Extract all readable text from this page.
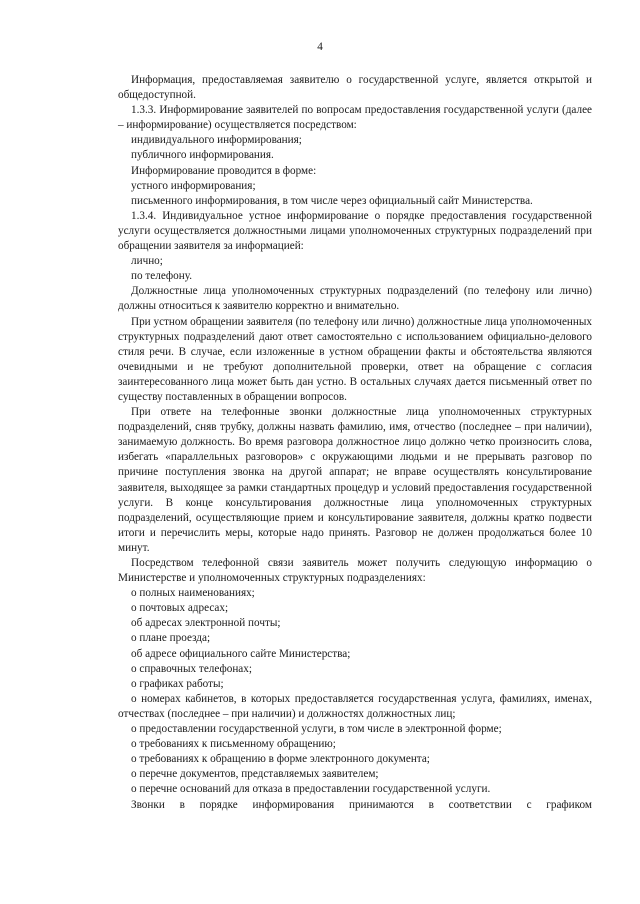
4

Информация, предоставляемая заявителю о государственной услуге, является открытой и общедоступной.

1.3.3. Информирование заявителей по вопросам предоставления государственной услуги (далее – информирование) осуществляется посредством:

индивидуального информирования;

публичного информирования.

Информирование проводится в форме:

устного информирования;

письменного информирования, в том числе через официальный сайт Министерства.

1.3.4. Индивидуальное устное информирование о порядке предоставления государственной услуги осуществляется должностными лицами уполномоченных структурных подразделений при обращении заявителя за информацией:

лично;

по телефону.

Должностные лица уполномоченных структурных подразделений (по телефону или лично) должны относиться к заявителю корректно и внимательно.

При устном обращении заявителя (по телефону или лично) должностные лица уполномоченных структурных подразделений дают ответ самостоятельно с использованием официально-делового стиля речи. В случае, если изложенные в устном обращении факты и обстоятельства являются очевидными и не требуют дополнительной проверки, ответ на обращение с согласия заинтересованного лица может быть дан устно. В остальных случаях дается письменный ответ по существу поставленных в обращении вопросов.

При ответе на телефонные звонки должностные лица уполномоченных структурных подразделений, сняв трубку, должны назвать фамилию, имя, отчество (последнее – при наличии), занимаемую должность. Во время разговора должностное лицо должно четко произносить слова, избегать «параллельных разговоров» с окружающими людьми и не прерывать разговор по причине поступления звонка на другой аппарат; не вправе осуществлять консультирование заявителя, выходящее за рамки стандартных процедур и условий предоставления государственной услуги. В конце консультирования должностные лица уполномоченных структурных подразделений, осуществляющие прием и консультирование заявителя, должны кратко подвести итоги и перечислить меры, которые надо принять. Разговор не должен продолжаться более 10 минут.

Посредством телефонной связи заявитель может получить следующую информацию о Министерстве и уполномоченных структурных подразделениях:

о полных наименованиях;

о почтовых адресах;

об адресах электронной почты;

о плане проезда;

об адресе официального сайте Министерства;

о справочных телефонах;

о графиках работы;

о номерах кабинетов, в которых предоставляется государственная услуга, фамилиях, именах, отчествах (последнее – при наличии) и должностях должностных лиц;

о предоставлении государственной услуги, в том числе в электронной форме;

о требованиях к письменному обращению;

о требованиях к обращению в форме электронного документа;

о перечне документов, представляемых заявителем;

о перечне оснований для отказа в предоставлении государственной услуги.

Звонки в порядке информирования принимаются в соответствии с графиком
